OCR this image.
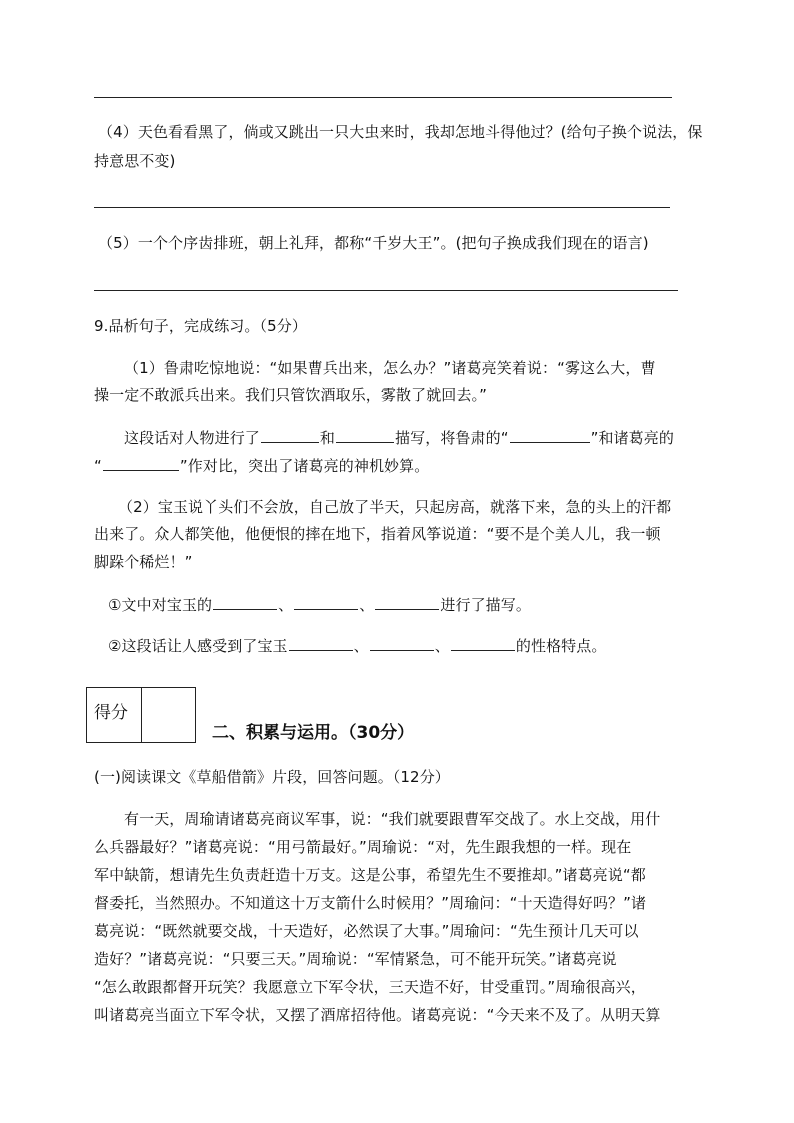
（4）天色看看黑了，倘或又跳出一只大虫来时，我却怎地斗得他过？(给句子换个说法，保
持意思不变)
（5）一个个序齿排班，朝上礼拜，都称“千岁大王”。(把句子换成我们现在的语言)
9.品析句子，完成练习。（5分）
（1）鲁肃吃惊地说：“如果曹兵出来，怎么办？”诸葛亮笑着说：“雾这么大，曹
操一定不敢派兵出来。我们只管饮酒取乐，雾散了就回去。”
这段话对人物进行了	和	描写，将鲁肃的“	”和诸葛亮的
“	”作对比，突出了诸葛亮的神机妙算。
（2）宝玉说丫头们不会放，自己放了半天，只起房高，就落下来，急的头上的汗都
出来了。众人都笑他，他便恨的摔在地下，指着风筝说道：“要不是个美人儿，我一顿
脚跺个稀烂！”
①文中对宝玉的	、	、	进行了描写。
②这段话让人感受到了宝玉	、	、	的性格特点。
得分
二、积累与运用。（30分）
(一)阅读课文《草船借箭》片段，回答问题。（12分）
有一天，周瑜请诸葛亮商议军事，说：“我们就要跟曹军交战了。水上交战，用什
么兵器最好？”诸葛亮说：“用弓箭最好。”周瑜说：“对，先生跟我想的一样。现在
军中缺箭，想请先生负责赶造十万支。这是公事，希望先生不要推却。”诸葛亮说“都
督委托，当然照办。不知道这十万支箭什么时候用？”周瑜问：“十天造得好吗？”诸
葛亮说：“既然就要交战，十天造好，必然误了大事。”周瑜问：“先生预计几天可以
造好？”诸葛亮说：“只要三天。”周瑜说：“军情紧急，可不能开玩笑。”诸葛亮说
“怎么敢跟都督开玩笑？我愿意立下军令状，三天造不好，甘受重罚。”周瑜很高兴，
叫诸葛亮当面立下军令状，又摆了酒席招待他。诸葛亮说：“今天来不及了。从明天算
